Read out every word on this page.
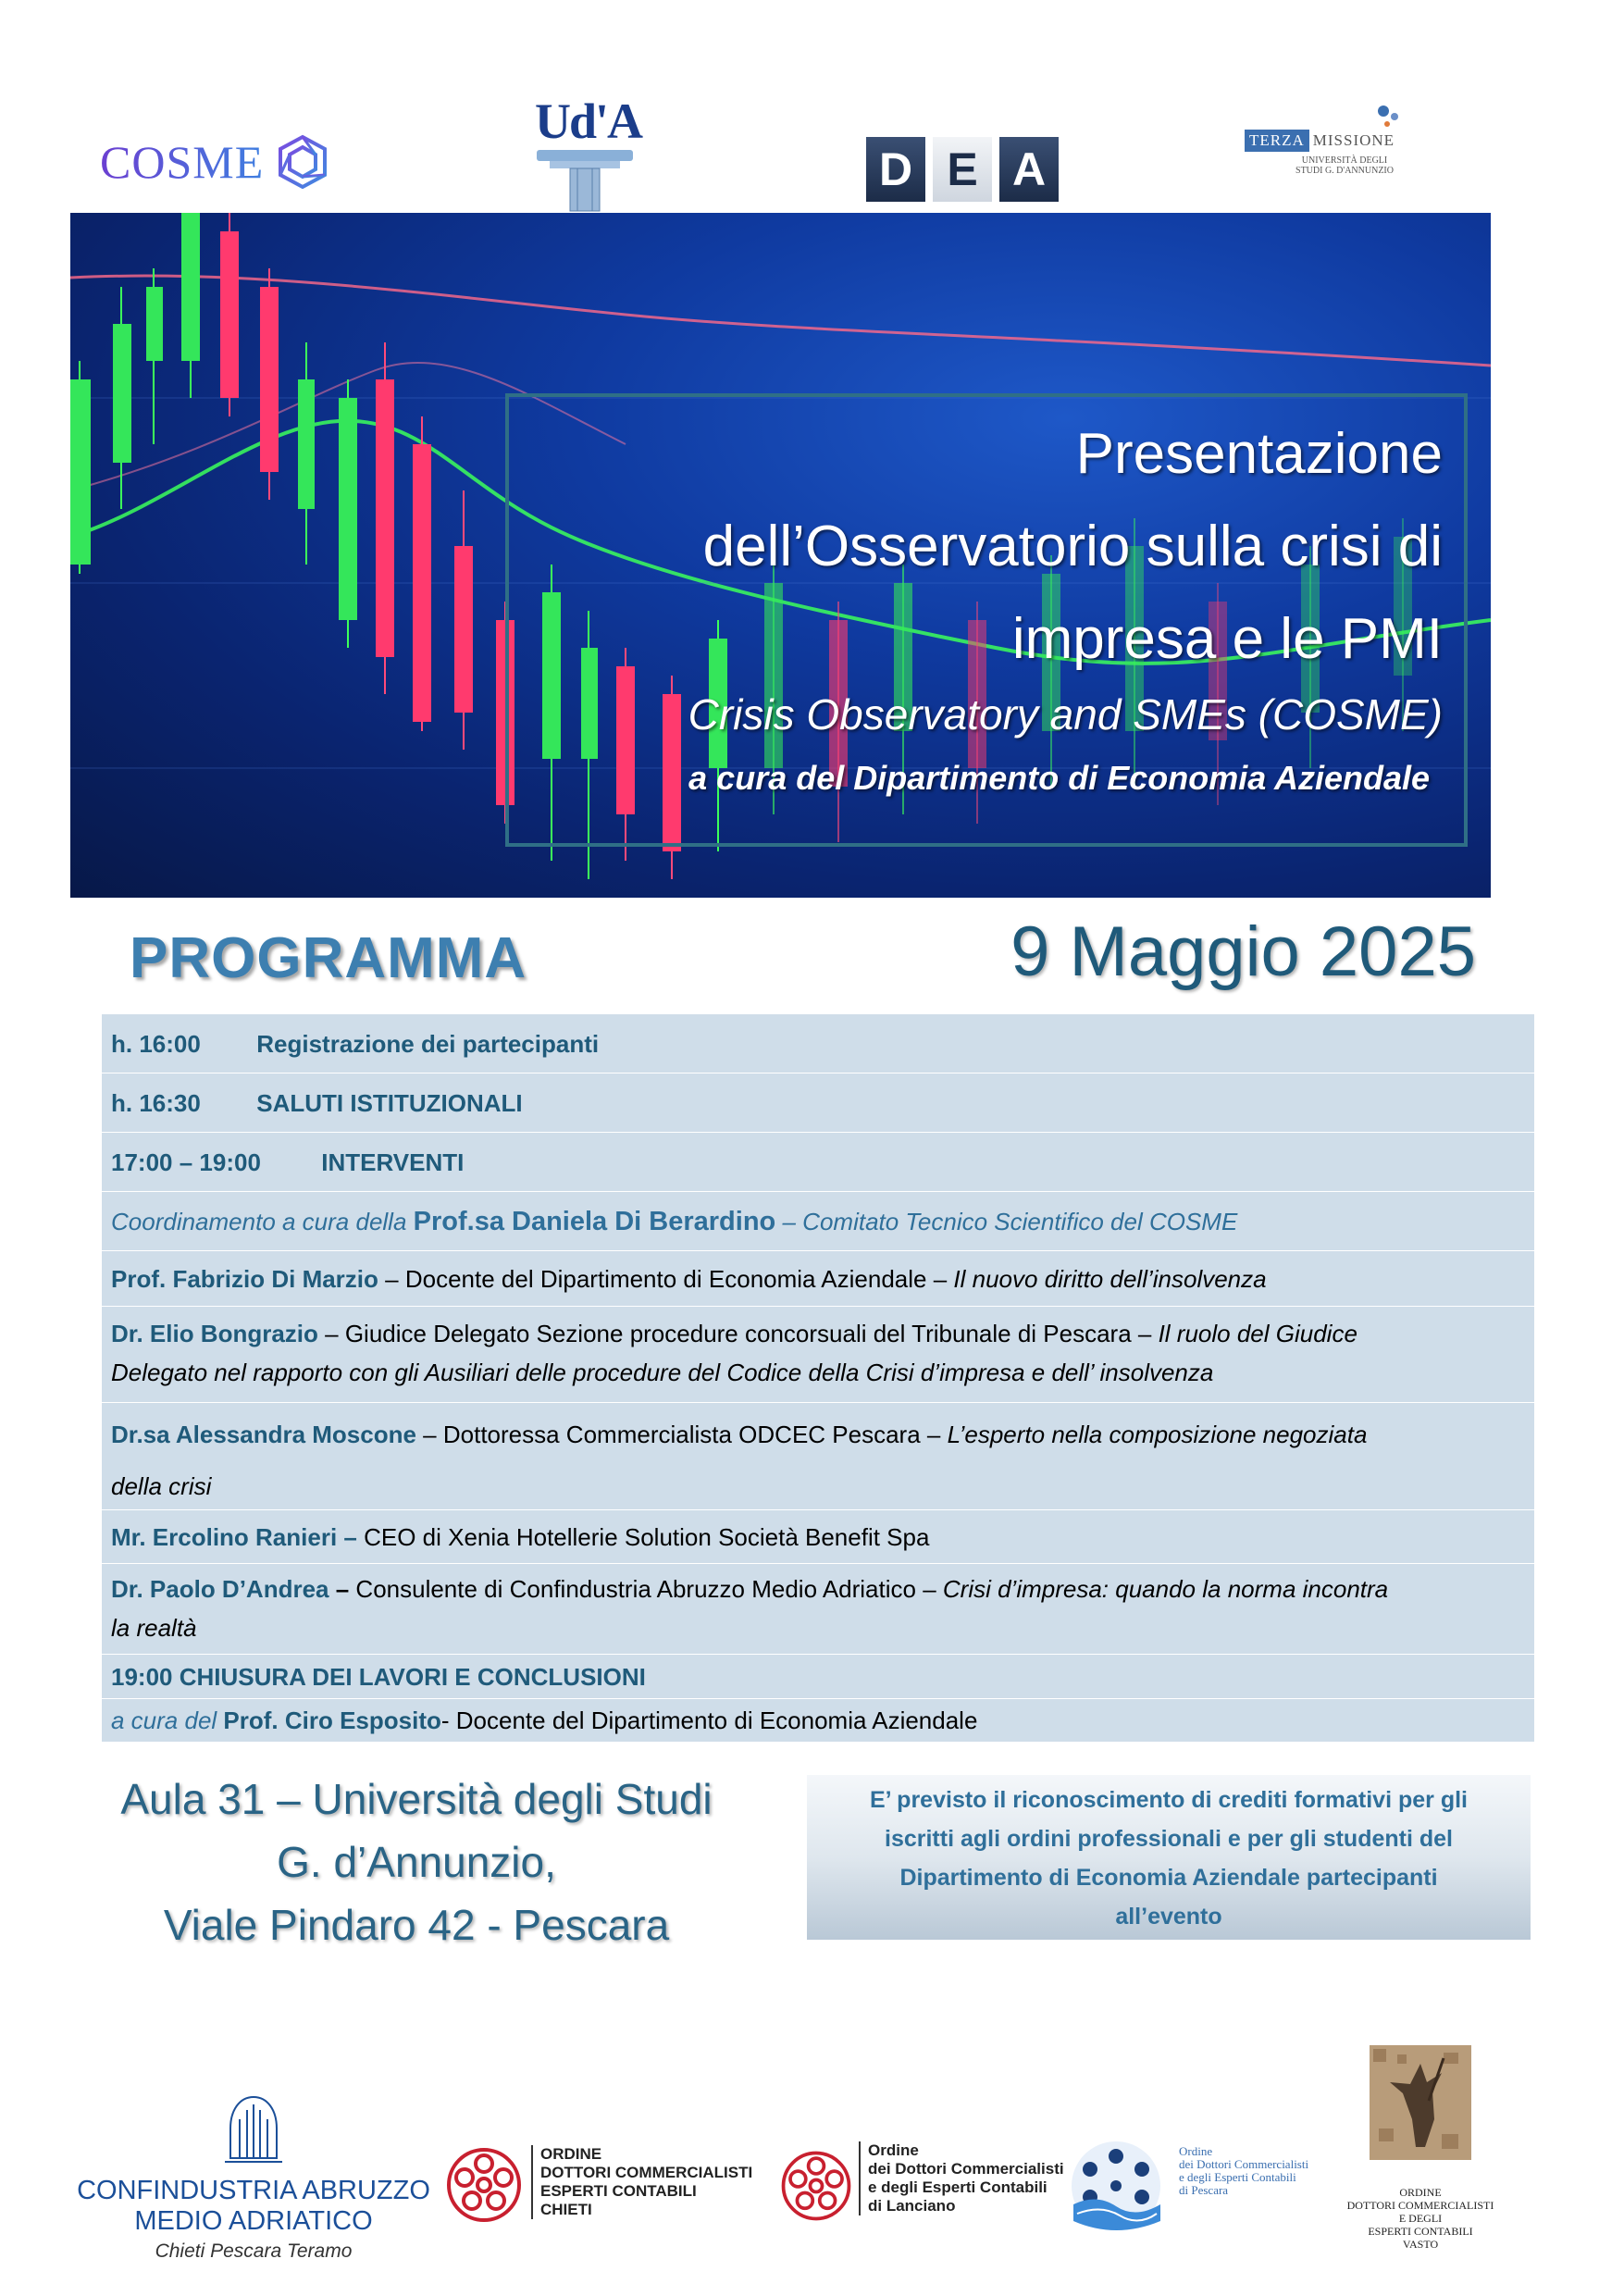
COSME
Ud'A
D E A
TERZA MISSIONE
UNIVERSITÀ DEGLI STUDI G. D'ANNUNZIO
Presentazione
dell’Osservatorio sulla crisi di
impresa e le PMI
Crisis Observatory and SMEs (COSME)
a cura del Dipartimento di Economia Aziendale
PROGRAMMA	9 Maggio 2025
h. 16:00 Registrazione dei partecipanti
h. 16:30 SALUTI ISTITUZIONALI
17:00 – 19:00	INTERVENTI
Coordinamento a cura della Prof.sa Daniela Di Berardino – Comitato Tecnico Scientifico del COSME
Prof. Fabrizio Di Marzio – Docente del Dipartimento di Economia Aziendale – Il nuovo diritto dell’insolvenza
Dr. Elio Bongrazio – Giudice Delegato Sezione procedure concorsuali del Tribunale di Pescara – Il ruolo del Giudice
Delegato nel rapporto con gli Ausiliari delle procedure del Codice della Crisi d’impresa e dell’ insolvenza
Dr.sa Alessandra Moscone – Dottoressa Commercialista ODCEC Pescara – L’esperto nella composizione negoziata
della crisi
Mr. Ercolino Ranieri – CEO di Xenia Hotellerie Solution Società Benefit Spa
Dr. Paolo D’Andrea – Consulente di Confindustria Abruzzo Medio Adriatico – Crisi d’impresa: quando la norma incontra
la realtà
19:00 CHIUSURA DEI LAVORI E CONCLUSIONI
a cura del Prof. Ciro Esposito- Docente del Dipartimento di Economia Aziendale
Aula 31 – Università degli Studi
G. d’Annunzio,
Viale Pindaro 42 - Pescara
E’ previsto il riconoscimento di crediti formativi per gli
iscritti agli ordini professionali e per gli studenti del
Dipartimento di Economia Aziendale partecipanti
all’evento
CONFINDUSTRIA ABRUZZO
MEDIO ADRIATICO
Chieti Pescara Teramo
ORDINE
DOTTORI COMMERCIALISTI
ESPERTI CONTABILI
CHIETI
Ordine
dei Dottori Commercialisti
e degli Esperti Contabili
di Lanciano
Ordine
dei Dottori Commercialisti
e degli Esperti Contabili
di Pescara	ORDINE
DOTTORI COMMERCIALISTI
E DEGLI
ESPERTI CONTABILI
VASTO
